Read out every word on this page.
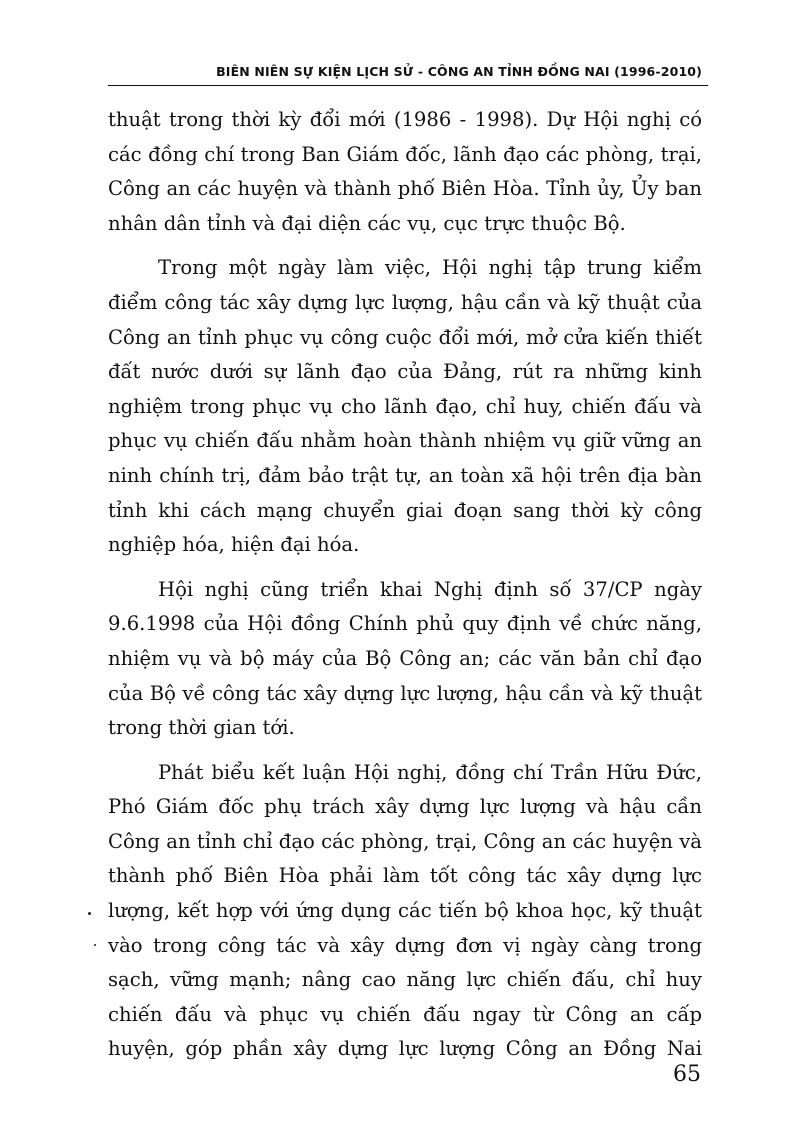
BIÊN NIÊN SỰ KIỆN LỊCH SỬ - CÔNG AN TỈNH ĐỒNG NAI (1996-2010)

thuật trong thời kỳ đổi mới (1986 - 1998). Dự Hội nghị có các đồng chí trong Ban Giám đốc, lãnh đạo các phòng, trại, Công an các huyện và thành phố Biên Hòa. Tỉnh ủy, Ủy ban nhân dân tỉnh và đại diện các vụ, cục trực thuộc Bộ.

Trong một ngày làm việc, Hội nghị tập trung kiểm điểm công tác xây dựng lực lượng, hậu cần và kỹ thuật của Công an tỉnh phục vụ công cuộc đổi mới, mở cửa kiến thiết đất nước dưới sự lãnh đạo của Đảng, rút ra những kinh nghiệm trong phục vụ cho lãnh đạo, chỉ huy, chiến đấu và phục vụ chiến đấu nhằm hoàn thành nhiệm vụ giữ vững an ninh chính trị, đảm bảo trật tự, an toàn xã hội trên địa bàn tỉnh khi cách mạng chuyển giai đoạn sang thời kỳ công nghiệp hóa, hiện đại hóa.

Hội nghị cũng triển khai Nghị định số 37/CP ngày 9.6.1998 của Hội đồng Chính phủ quy định về chức năng, nhiệm vụ và bộ máy của Bộ Công an; các văn bản chỉ đạo của Bộ về công tác xây dựng lực lượng, hậu cần và kỹ thuật trong thời gian tới.

Phát biểu kết luận Hội nghị, đồng chí Trần Hữu Đức, Phó Giám đốc phụ trách xây dựng lực lượng và hậu cần Công an tỉnh chỉ đạo các phòng, trại, Công an các huyện và thành phố Biên Hòa phải làm tốt công tác xây dựng lực lượng, kết hợp với ứng dụng các tiến bộ khoa học, kỹ thuật vào trong công tác và xây dựng đơn vị ngày càng trong sạch, vững mạnh; nâng cao năng lực chiến đấu, chỉ huy chiến đấu và phục vụ chiến đấu ngay từ Công an cấp huyện, góp phần xây dựng lực lượng Công an Đồng Nai

65
